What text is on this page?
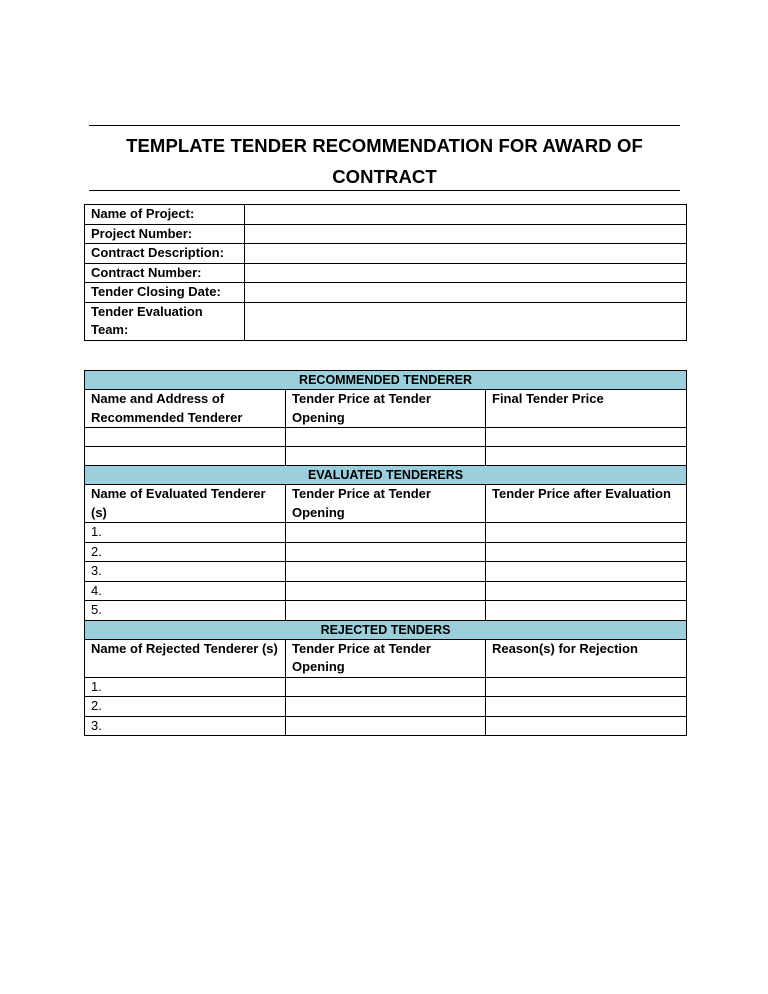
TEMPLATE TENDER RECOMMENDATION FOR AWARD OF
CONTRACT

Name of Project:	
Project Number:	
Contract Description:	
Contract Number:	
Tender Closing Date:	
Tender Evaluation Team:	
RECOMMENDED TENDERER		
Name and Address of Recommended Tenderer	Tender Price at Tender Opening	Final Tender Price

EVALUATED TENDERERS		
Name of Evaluated Tenderer (s)	Tender Price at Tender Opening	Tender Price after Evaluation
1.		
2.		
3.		
4.		
5.		
REJECTED TENDERS		
Name of Rejected Tenderer (s)	Tender Price at Tender Opening	Reason(s) for Rejection
1.		
2.		
3.		
